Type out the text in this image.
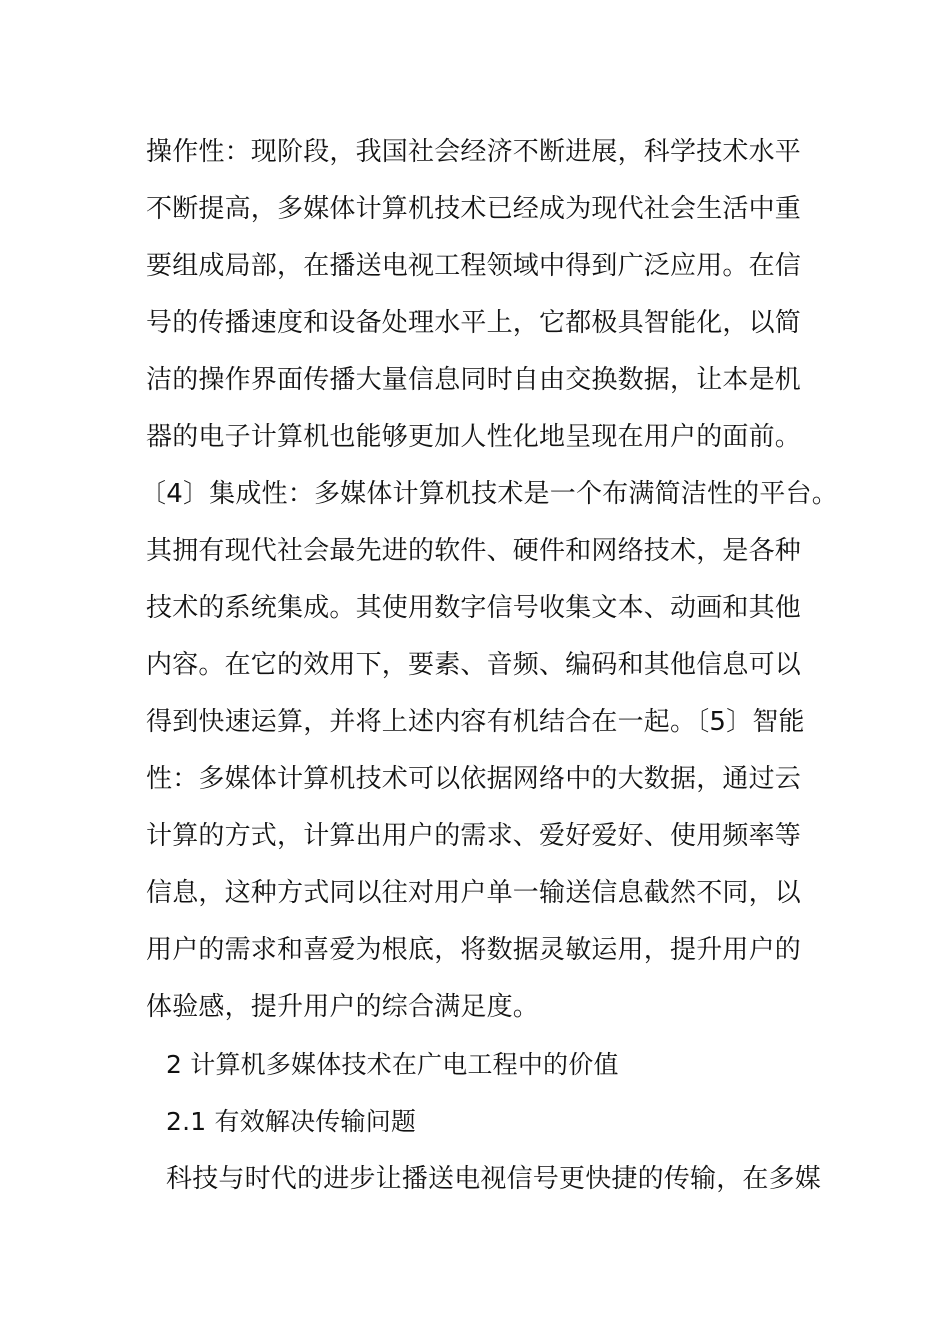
操作性：现阶段，我国社会经济不断进展，科学技术水平
不断提高，多媒体计算机技术已经成为现代社会生活中重
要组成局部，在播送电视工程领域中得到广泛应用。在信
号的传播速度和设备处理水平上，它都极具智能化，以简
洁的操作界面传播大量信息同时自由交换数据，让本是机
器的电子计算机也能够更加人性化地呈现在用户的面前。
〔4〕集成性：多媒体计算机技术是一个布满简洁性的平台。
其拥有现代社会最先进的软件、硬件和网络技术，是各种
技术的系统集成。其使用数字信号收集文本、动画和其他
内容。在它的效用下，要素、音频、编码和其他信息可以
得到快速运算，并将上述内容有机结合在一起。〔5〕智能
性：多媒体计算机技术可以依据网络中的大数据，通过云
计算的方式，计算出用户的需求、爱好爱好、使用频率等
信息，这种方式同以往对用户单一输送信息截然不同，以
用户的需求和喜爱为根底，将数据灵敏运用，提升用户的
体验感，提升用户的综合满足度。
2 计算机多媒体技术在广电工程中的价值
2.1 有效解决传输问题
科技与时代的进步让播送电视信号更快捷的传输，在多媒
